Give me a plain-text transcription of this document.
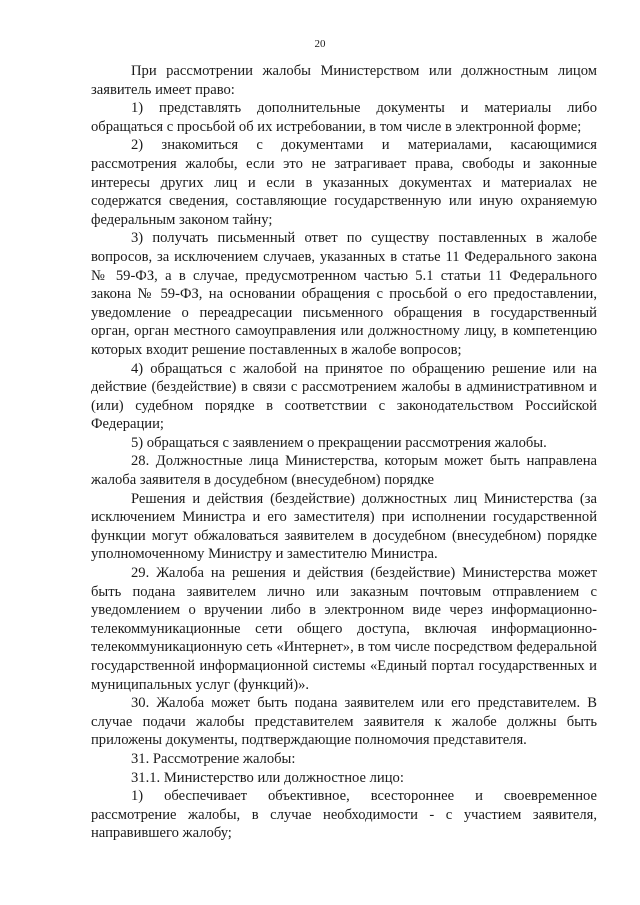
20

При рассмотрении жалобы Министерством или должностным лицом заявитель имеет право:

1) представлять дополнительные документы и материалы либо обращаться с просьбой об их истребовании, в том числе в электронной форме;

2) знакомиться с документами и материалами, касающимися рассмотрения жалобы, если это не затрагивает права, свободы и законные интересы других лиц и если в указанных документах и материалах не содержатся сведения, составляющие государственную или иную охраняемую федеральным законом тайну;

3) получать письменный ответ по существу поставленных в жалобе вопросов, за исключением случаев, указанных в статье 11 Федерального закона № 59-ФЗ, а в случае, предусмотренном частью 5.1 статьи 11 Федерального закона № 59-ФЗ, на основании обращения с просьбой о его предоставлении, уведомление о переадресации письменного обращения в государственный орган, орган местного самоуправления или должностному лицу, в компетенцию которых входит решение поставленных в жалобе вопросов;

4) обращаться с жалобой на принятое по обращению решение или на действие (бездействие) в связи с рассмотрением жалобы в административном и (или) судебном порядке в соответствии с законодательством Российской Федерации;

5) обращаться с заявлением о прекращении рассмотрения жалобы.

28. Должностные лица Министерства, которым может быть направлена жалоба заявителя в досудебном (внесудебном) порядке

Решения и действия (бездействие) должностных лиц Министерства (за исключением Министра и его заместителя) при исполнении государственной функции могут обжаловаться заявителем в досудебном (внесудебном) порядке уполномоченному Министру и заместителю Министра.

29. Жалоба на решения и действия (бездействие) Министерства может быть подана заявителем лично или заказным почтовым отправлением с уведомлением о вручении либо в электронном виде через информационно-телекоммуникационные сети общего доступа, включая информационно-телекоммуникационную сеть «Интернет», в том числе посредством федеральной государственной информационной системы «Единый портал государственных и муниципальных услуг (функций)».

30. Жалоба может быть подана заявителем или его представителем. В случае подачи жалобы представителем заявителя к жалобе должны быть приложены документы, подтверждающие полномочия представителя.

31. Рассмотрение жалобы:

31.1. Министерство или должностное лицо:

1) обеспечивает объективное, всестороннее и своевременное рассмотрение жалобы, в случае необходимости - с участием заявителя, направившего жалобу;
